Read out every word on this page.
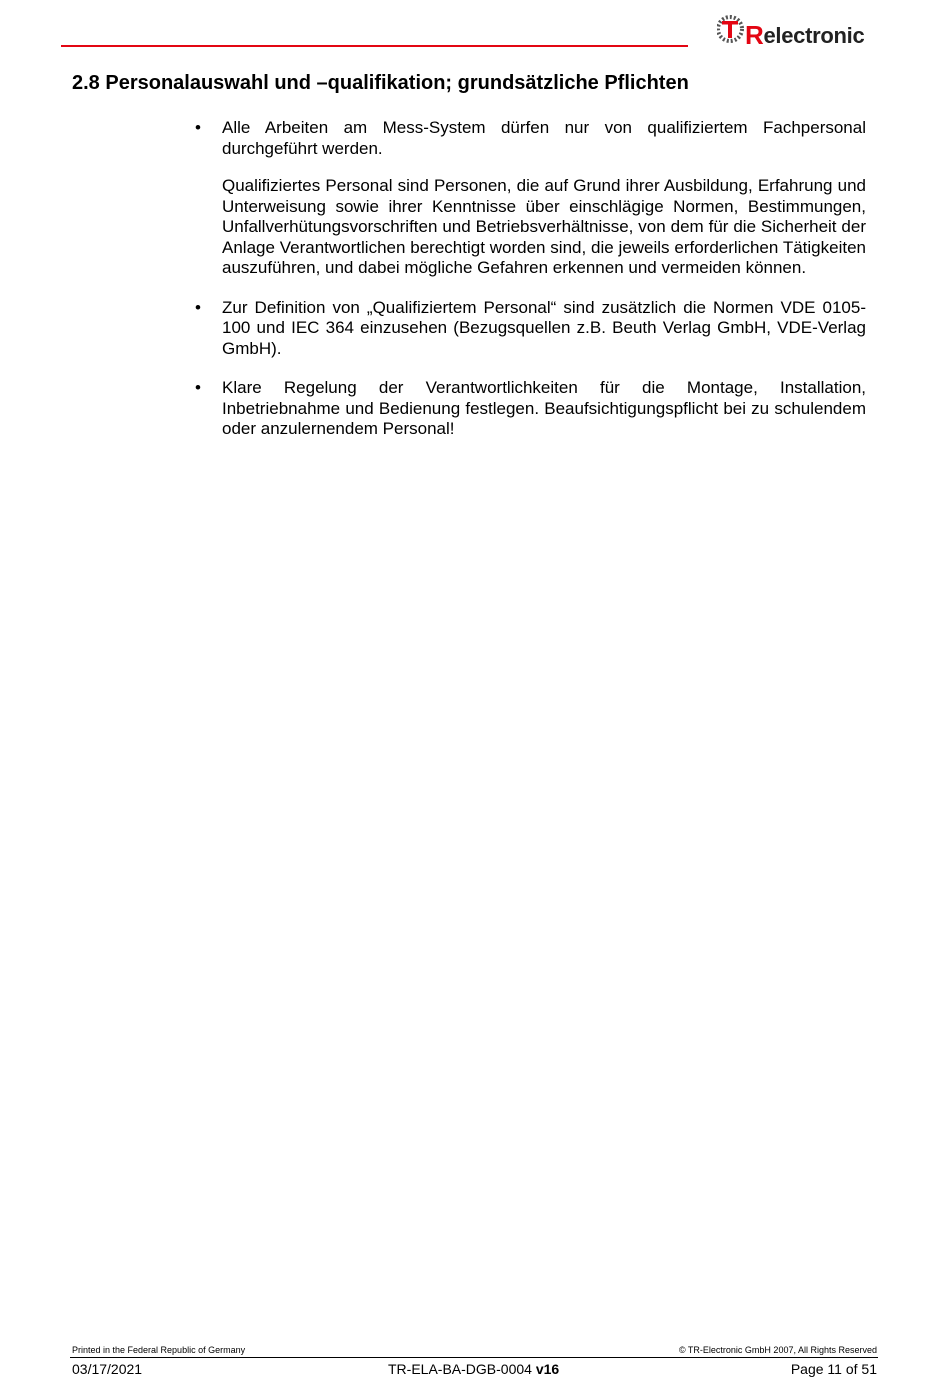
Relectronic
2.8 Personalauswahl und –qualifikation; grundsätzliche Pflichten
• Alle Arbeiten am Mess-System dürfen nur von qualifiziertem Fachpersonal durchgeführt werden.

Qualifiziertes Personal sind Personen, die auf Grund ihrer Ausbildung, Erfahrung und Unterweisung sowie ihrer Kenntnisse über einschlägige Normen, Bestimmungen, Unfallverhütungsvorschriften und Betriebsverhältnisse, von dem für die Sicherheit der Anlage Verantwortlichen berechtigt worden sind, die jeweils erforderlichen Tätigkeiten auszuführen, und dabei mögliche Gefahren erkennen und vermeiden können.

• Zur Definition von „Qualifiziertem Personal“ sind zusätzlich die Normen VDE 0105-100 und IEC 364 einzusehen (Bezugsquellen z.B. Beuth Verlag GmbH, VDE-Verlag GmbH).

• Klare Regelung der Verantwortlichkeiten für die Montage, Installation, Inbetriebnahme und Bedienung festlegen. Beaufsichtigungspflicht bei zu schulendem oder anzulernendem Personal!

Printed in the Federal Republic of Germany	© TR-Electronic GmbH 2007, All Rights Reserved
03/17/2021	TR-ELA-BA-DGB-0004 v16	Page 11 of 51
